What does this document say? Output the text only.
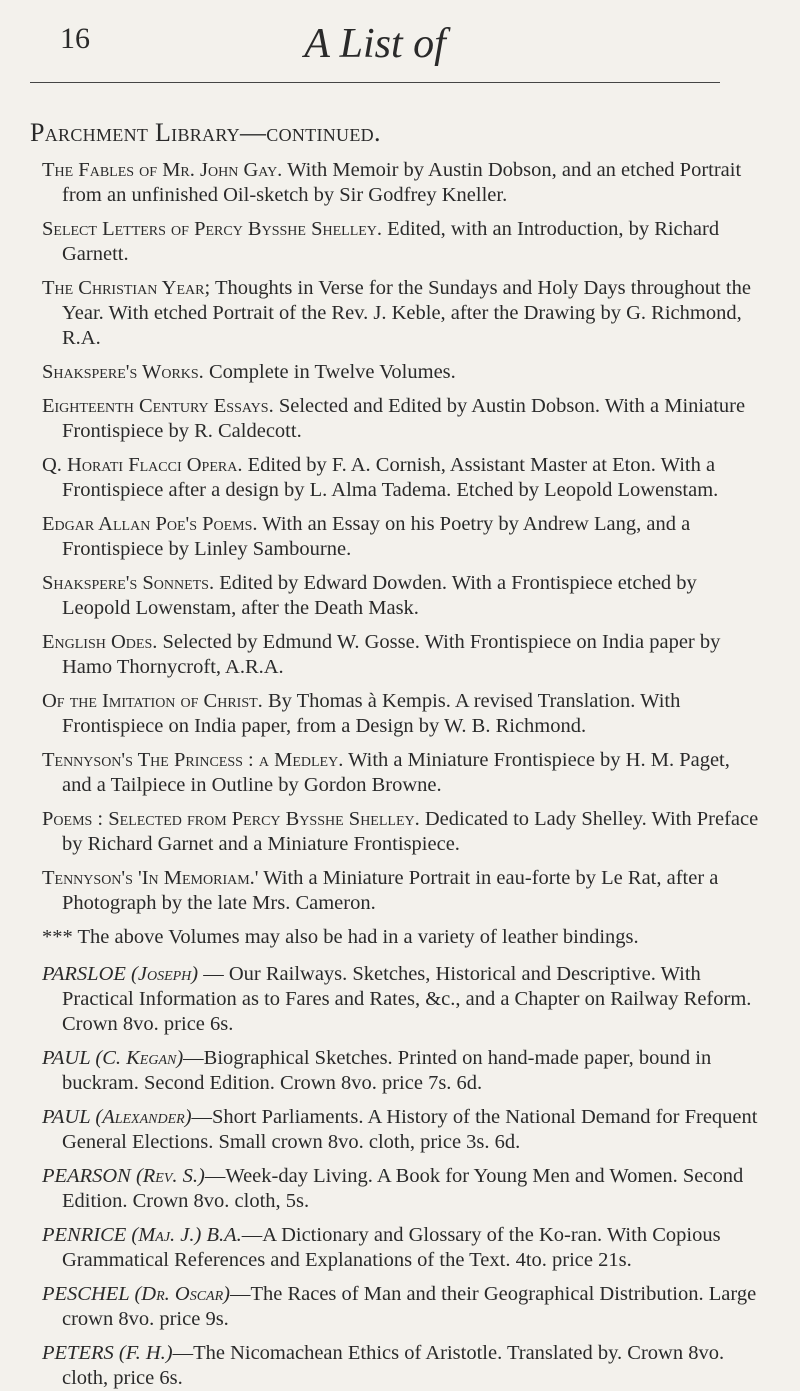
16	A List of
Parchment Library—continued.

The Fables of Mr. John Gay. With Memoir by Austin Dobson, and an etched Portrait from an unfinished Oil-sketch by Sir Godfrey Kneller.

Select Letters of Percy Bysshe Shelley. Edited, with an Introduction, by Richard Garnett.

The Christian Year; Thoughts in Verse for the Sundays and Holy Days throughout the Year. With etched Portrait of the Rev. J. Keble, after the Drawing by G. Richmond, R.A.

Shakspere's Works. Complete in Twelve Volumes.

Eighteenth Century Essays. Selected and Edited by Austin Dobson. With a Miniature Frontispiece by R. Caldecott.

Q. Horati Flacci Opera. Edited by F. A. Cornish, Assistant Master at Eton. With a Frontispiece after a design by L. Alma Tadema. Etched by Leopold Lowenstam.

Edgar Allan Poe's Poems. With an Essay on his Poetry by Andrew Lang, and a Frontispiece by Linley Sambourne.

Shakspere's Sonnets. Edited by Edward Dowden. With a Frontispiece etched by Leopold Lowenstam, after the Death Mask.

English Odes. Selected by Edmund W. Gosse. With Frontispiece on India paper by Hamo Thornycroft, A.R.A.

Of the Imitation of Christ. By Thomas à Kempis. A revised Translation. With Frontispiece on India paper, from a Design by W. B. Richmond.

Tennyson's The Princess : a Medley. With a Miniature Frontispiece by H. M. Paget, and a Tailpiece in Outline by Gordon Browne.

Poems : Selected from Percy Bysshe Shelley. Dedicated to Lady Shelley. With Preface by Richard Garnet and a Miniature Frontispiece.

Tennyson's 'In Memoriam.' With a Miniature Portrait in eau-forte by Le Rat, after a Photograph by the late Mrs. Cameron.

*** The above Volumes may also be had in a variety of leather bindings.

PARSLOE (Joseph) — Our Railways. Sketches, Historical and Descriptive. With Practical Information as to Fares and Rates, &c., and a Chapter on Railway Reform. Crown 8vo. price 6s.

PAUL (C. Kegan)—Biographical Sketches. Printed on hand-made paper, bound in buckram. Second Edition. Crown 8vo. price 7s. 6d.

PAUL (Alexander)—Short Parliaments. A History of the National Demand for Frequent General Elections. Small crown 8vo. cloth, price 3s. 6d.

PEARSON (Rev. S.)—Week-day Living. A Book for Young Men and Women. Second Edition. Crown 8vo. cloth, 5s.

PENRICE (Maj. J.) B.A.—A Dictionary and Glossary of the Ko-ran. With Copious Grammatical References and Explanations of the Text. 4to. price 21s.

PESCHEL (Dr. Oscar)—The Races of Man and their Geographical Distribution. Large crown 8vo. price 9s.

PETERS (F. H.)—The Nicomachean Ethics of Aristotle. Translated by. Crown 8vo. cloth, price 6s.
